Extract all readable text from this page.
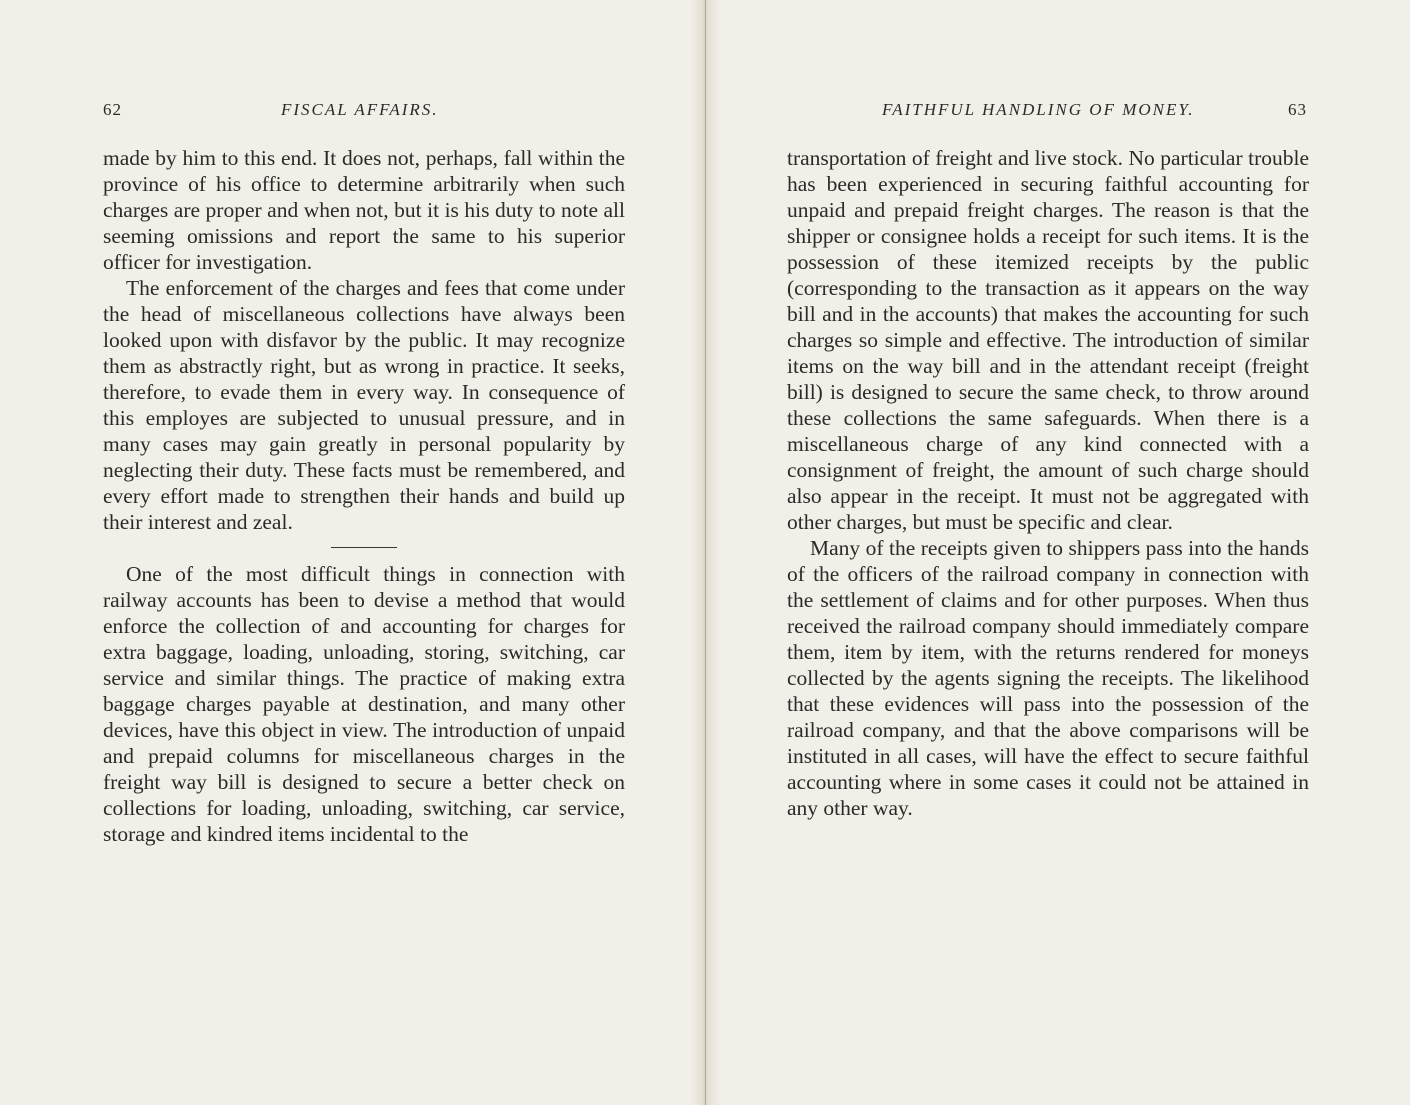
62	FISCAL AFFAIRS.

made by him to this end. It does not, perhaps, fall within the province of his office to determine arbitrarily when such charges are proper and when not, but it is his duty to note all seeming omissions and report the same to his superior officer for investigation.

The enforcement of the charges and fees that come under the head of miscellaneous collections have always been looked upon with disfavor by the public. It may recognize them as abstractly right, but as wrong in practice. It seeks, therefore, to evade them in every way. In consequence of this employes are subjected to unusual pressure, and in many cases may gain greatly in personal popularity by neglecting their duty. These facts must be remembered, and every effort made to strengthen their hands and build up their interest and zeal.

One of the most difficult things in connection with railway accounts has been to devise a method that would enforce the collection of and accounting for charges for extra baggage, loading, unloading, storing, switching, car service and similar things. The practice of making extra baggage charges payable at destination, and many other devices, have this object in view. The introduction of unpaid and prepaid columns for miscellaneous charges in the freight way bill is designed to secure a better check on collections for loading, unloading, switching, car service, storage and kindred items incidental to the

FAITHFUL HANDLING OF MONEY.	63

transportation of freight and live stock. No particular trouble has been experienced in securing faithful accounting for unpaid and prepaid freight charges. The reason is that the shipper or consignee holds a receipt for such items. It is the possession of these itemized receipts by the public (corresponding to the transaction as it appears on the way bill and in the accounts) that makes the accounting for such charges so simple and effective. The introduction of similar items on the way bill and in the attendant receipt (freight bill) is designed to secure the same check, to throw around these collections the same safeguards. When there is a miscellaneous charge of any kind connected with a consignment of freight, the amount of such charge should also appear in the receipt. It must not be aggregated with other charges, but must be specific and clear.

Many of the receipts given to shippers pass into the hands of the officers of the railroad company in connection with the settlement of claims and for other purposes. When thus received the railroad company should immediately compare them, item by item, with the returns rendered for moneys collected by the agents signing the receipts. The likelihood that these evidences will pass into the possession of the railroad company, and that the above comparisons will be instituted in all cases, will have the effect to secure faithful accounting where in some cases it could not be attained in any other way.
